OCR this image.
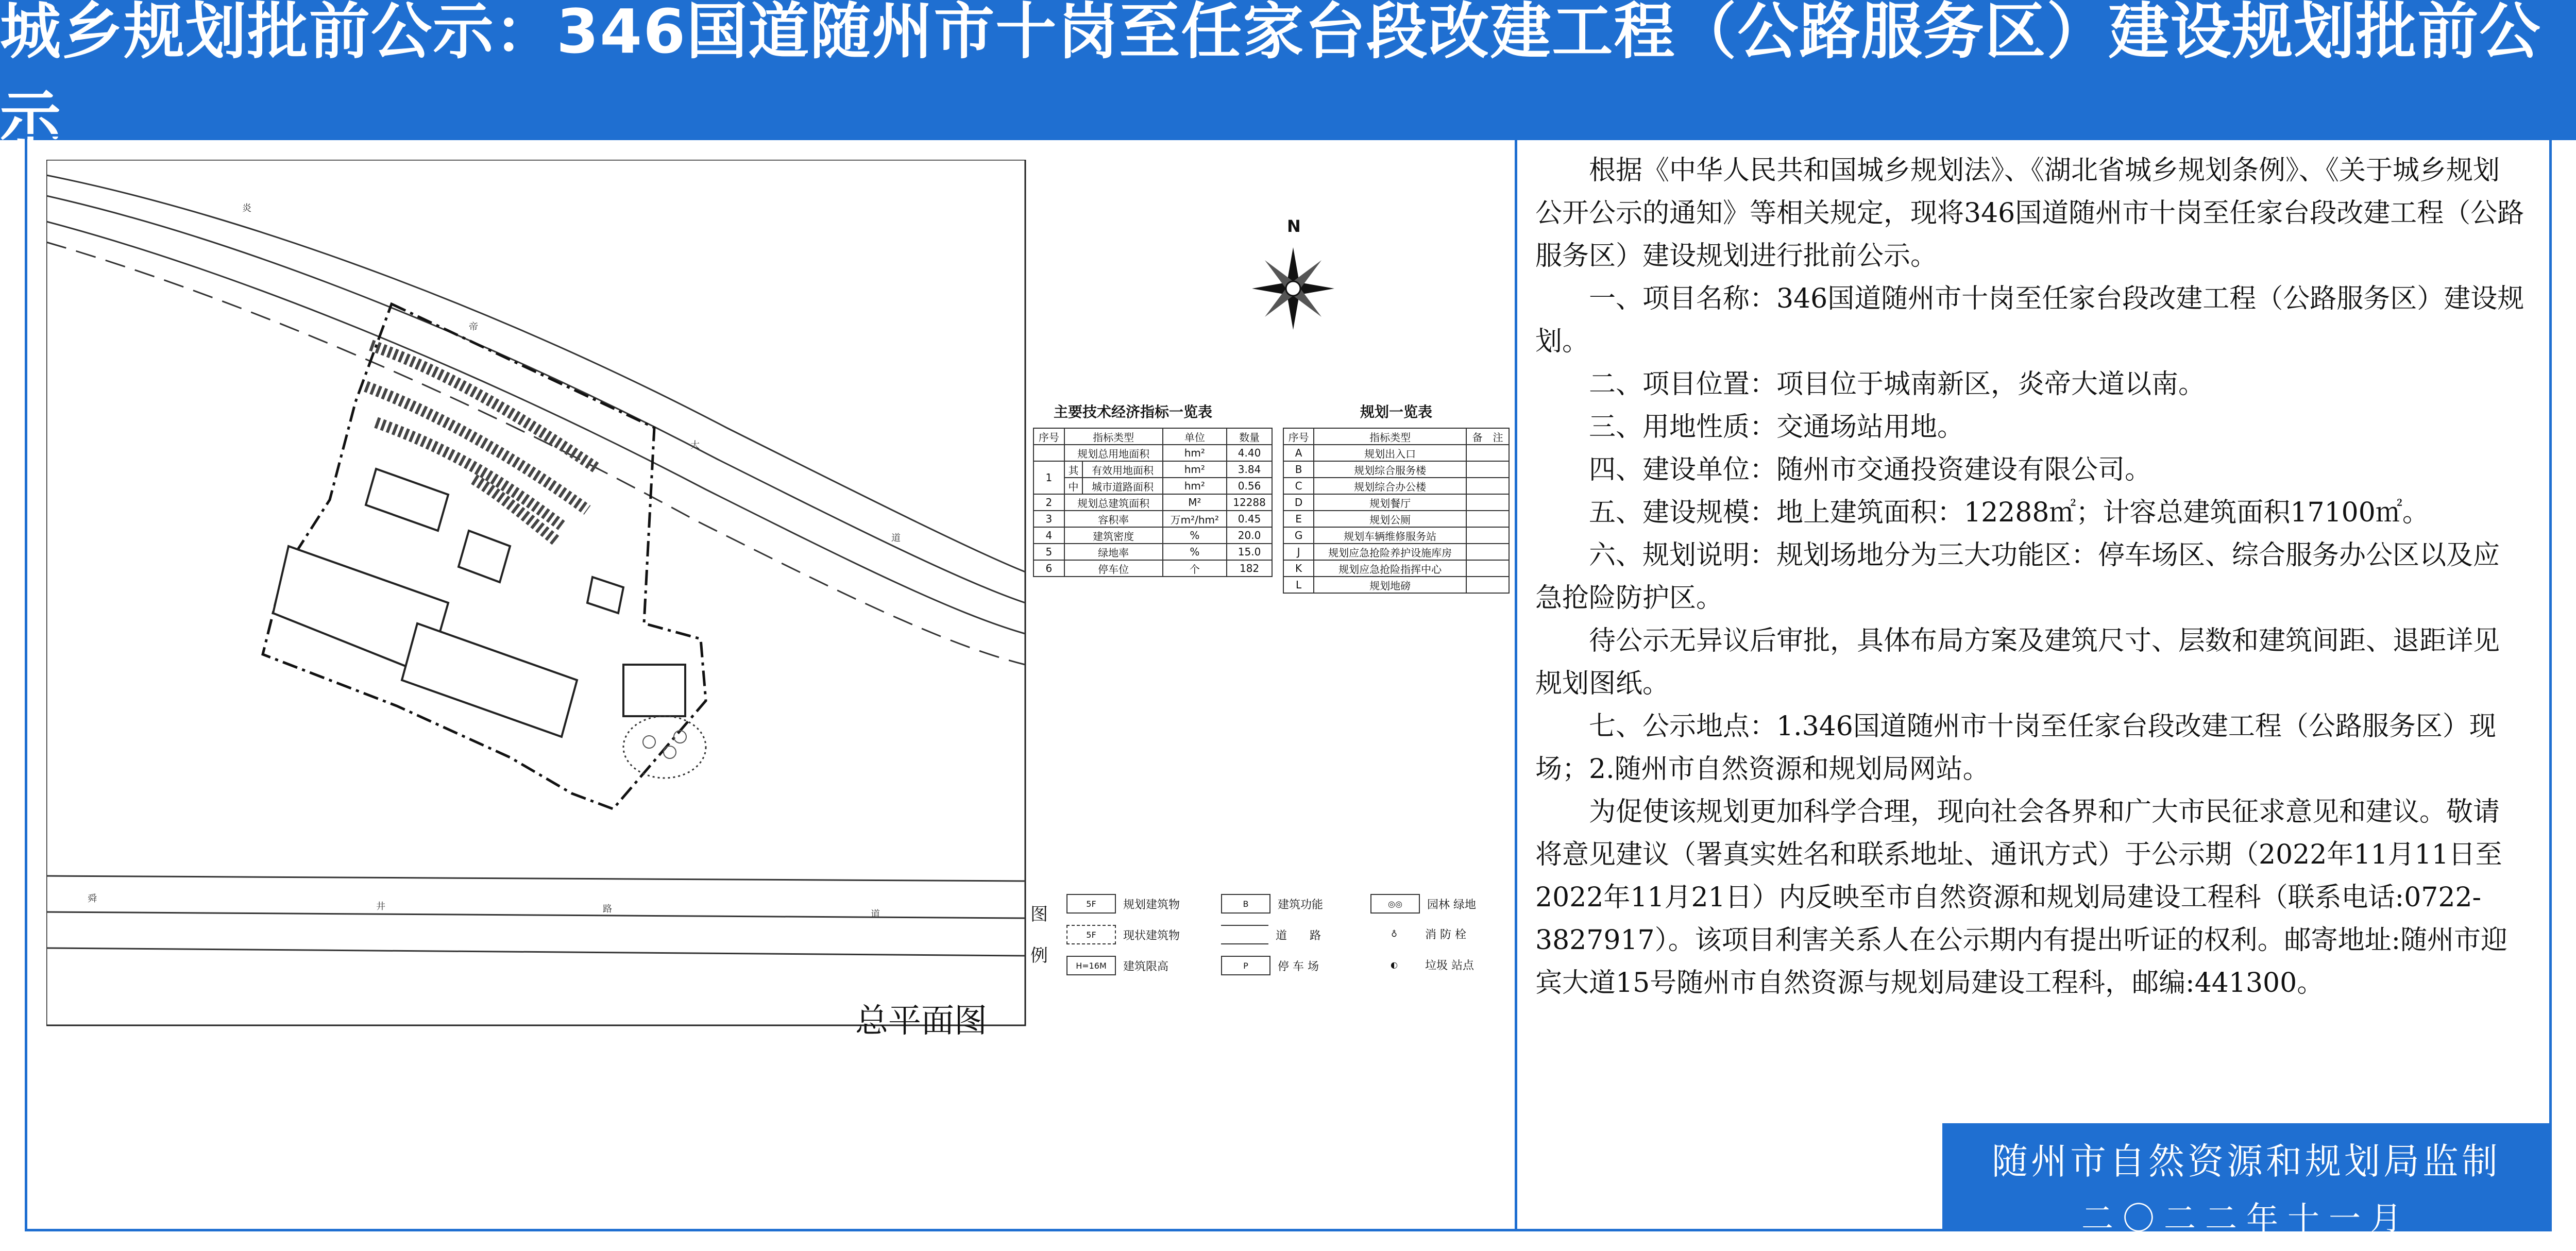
城乡规划批前公示：346国道随州市十岗至任家台段改建工程（公路服务区）建设规划批前公示
炎
帝
大
道
舜
井	路	道
N
主要技术经济指标一览表
序号	指标类型		单位	数量
	规划总用地面积		hm²	4.40
1	其	有效用地面积	hm²	3.84
	中	城市道路面积	hm²	0.56
2	规划总建筑面积		M²	12288
3	容积率		万m²/hm²	0.45
4	建筑密度		%	20.0
5	绿地率		%	15.0
6	停车位		个	182
规划一览表
序号	指标类型	备　注
A	规划出入口	
B	规划综合服务楼	
C	规划综合办公楼	
D	规划餐厅	
E	规划公厕	
G	规划车辆维修服务站	
J	规划应急抢险养护设施库房	
K	规划应急抢险指挥中心	
L	规划地磅	
图例
5F	规划建筑物	B	建筑功能	◎◎	园林 绿地
5F	现状建筑物	道　　路	♁	消 防 栓
H=16M	建筑限高	P	停 车 场	◐	垃圾 站点
总平面图

根据《中华人民共和国城乡规划法》、《湖北省城乡规划条例》、《关于城乡规划公开公示的通知》等相关规定，现将346国道随州市十岗至任家台段改建工程（公路服务区）建设规划进行批前公示。

一、项目名称：346国道随州市十岗至任家台段改建工程（公路服务区）建设规划。

二、项目位置：项目位于城南新区，炎帝大道以南。

三、用地性质：交通场站用地。

四、建设单位：随州市交通投资建设有限公司。

五、建设规模：地上建筑面积：12288㎡；计容总建筑面积17100㎡。

六、规划说明：规划场地分为三大功能区：停车场区、综合服务办公区以及应急抢险防护区。

待公示无异议后审批，具体布局方案及建筑尺寸、层数和建筑间距、退距详见规划图纸。

七、公示地点：1.346国道随州市十岗至任家台段改建工程（公路服务区）现场；2.随州市自然资源和规划局网站。

为促使该规划更加科学合理，现向社会各界和广大市民征求意见和建议。敬请将意见建议（署真实姓名和联系地址、通讯方式）于公示期（2022年11月11日至2022年11月21日）内反映至市自然资源和规划局建设工程科（联系电话:0722-3827917）。该项目利害关系人在公示期内有提出听证的权利。邮寄地址:随州市迎宾大道15号随州市自然资源与规划局建设工程科，邮编:441300。

随州市自然资源和规划局监制
二〇二二年十一月
